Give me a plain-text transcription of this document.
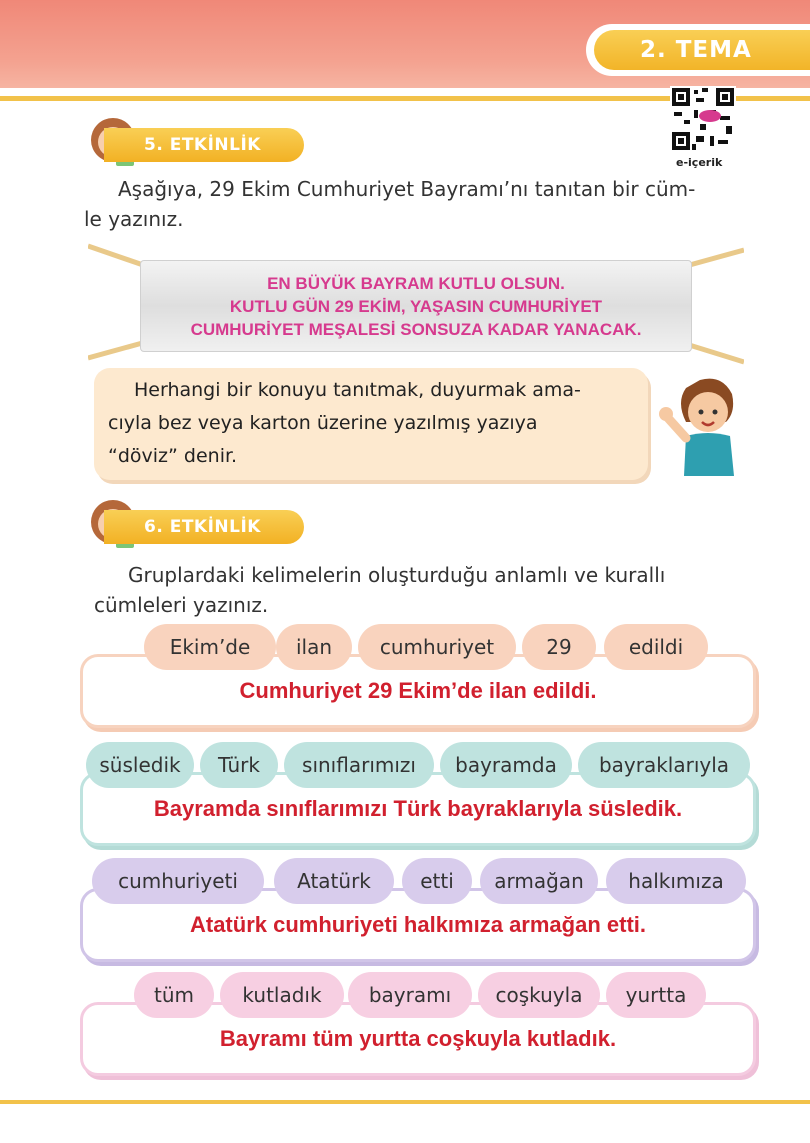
2. TEMA
e-içerik
5. ETKİNLİK
Aşağıya, 29 Ekim Cumhuriyet Bayramı’nı tanıtan bir cüm-
le yazınız.
EN BÜYÜK BAYRAM KUTLU OLSUN.
KUTLU GÜN 29 EKİM, YAŞASIN CUMHURİYET
CUMHURİYET MEŞALESİ SONSUZA KADAR YANACAK.
Herhangi bir konuyu tanıtmak, duyurmak ama-
cıyla bez veya karton üzerine yazılmış yazıya
“döviz” denir.
6. ETKİNLİK
Gruplardaki kelimelerin oluşturduğu anlamlı ve kurallı
cümleleri yazınız.
Cumhuriyet 29 Ekim’de ilan edildi.
Ekim’de	ilan	cumhuriyet	29	edildi
Bayramda sınıflarımızı Türk bayraklarıyla süsledik.
süsledik	Türk	sınıflarımızı	bayramda	bayraklarıyla
Atatürk cumhuriyeti halkımıza armağan etti.
cumhuriyeti	Atatürk	etti	armağan	halkımıza
Bayramı tüm yurtta coşkuyla kutladık.
tüm	kutladık	bayramı	coşkuyla	yurtta
